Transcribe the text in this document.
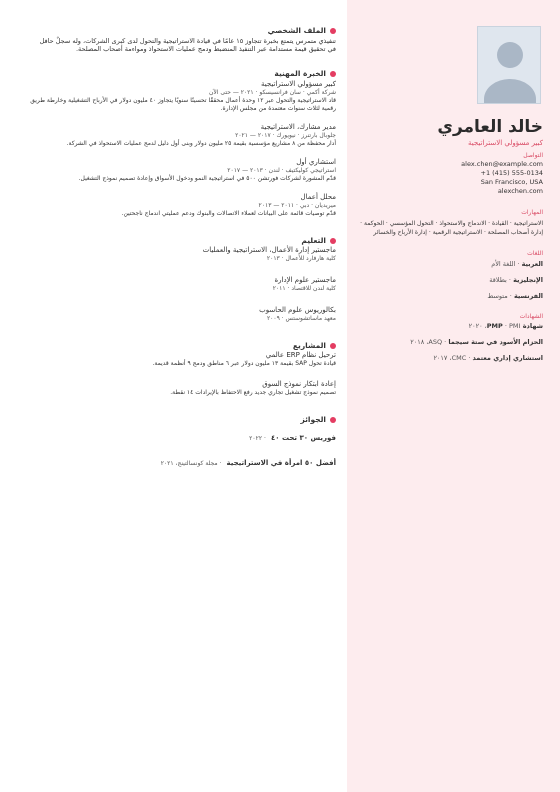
خالد العامري
كبير مسؤولي الاستراتيجية
التواصل
alex.chen@example.com
+1 (415) 555-0134
San Francisco, USA
alexchen.com
المهارات
الاستراتيجية · القيادة · الاندماج والاستحواذ · التحول المؤسسي · الحوكمة · إدارة أصحاب المصلحة · الاستراتيجية الرقمية · إدارة الأرباح والخسائر
اللغات
العربية · اللغة الأم
الإنجليزية · بطلاقة
الفرنسية · متوسط
الشهادات
شهادة PMP · PMI، ٢٠٢٠
الحزام الأسود في ستة سيجما · ASQ، ٢٠١٨
استشاري إداري معتمد · CMC، ٢٠١٧
الملف الشخصي
تنفيذي متمرس يتمتع بخبرة تتجاوز ١٥ عامًا في قيادة الاستراتيجية والتحول لدى كبرى الشركات، وله سجلٌ حافل في تحقيق قيمة مستدامة عبر التنفيذ المنضبط ودمج عمليات الاستحواذ ومواءمة أصحاب المصلحة.
الخبرة المهنية
كبير مسؤولي الاستراتيجية
شركة أكمي · سان فرانسيسكو · ٢٠٢١ — حتى الآن
قاد الاستراتيجية والتحول عبر ١٢ وحدة أعمال محققًا تحسينًا سنويًا يتجاوز ٤٠ مليون دولار في الأرباح التشغيلية وخارطة طريق رقمية لثلاث سنوات معتمدة من مجلس الإدارة.
مدير مشارك، الاستراتيجية
جلوبال بارتنرز · نيويورك · ٢٠١٧ — ٢٠٢١
أدار محفظة من ٨ مشاريع مؤسسية بقيمة ٢٥ مليون دولار وبنى أول دليل لدمج عمليات الاستحواذ في الشركة.
استشاري أول
استراتيجي كوليكتيف · لندن · ٢٠١٣ — ٢٠١٧
قدّم المشورة لشركات فورتشن ٥٠٠ في استراتيجية النمو ودخول الأسواق وإعادة تصميم نموذج التشغيل.
محلل أعمال
ميريديان · دبي · ٢٠١١ — ٢٠١٣
قدّم توصيات قائمة على البيانات لعملاء الاتصالات والبنوك ودعم عمليتي اندماج ناجحتين.
التعليم
ماجستير إدارة الأعمال، الاستراتيجية والعمليات
كلية هارفارد للأعمال · ٢٠١٣
ماجستير علوم الإدارة
كلية لندن للاقتصاد · ٢٠١١
بكالوريوس علوم الحاسوب
معهد ماساتشوستس · ٢٠٠٩
المشاريع
ترحيل نظام ERP عالمي
قيادة تحول SAP بقيمة ١٣ مليون دولار عبر ٦ مناطق ودمج ٩ أنظمة قديمة.
إعادة ابتكار نموذج السوق
تصميم نموذج تشغيل تجاري جديد رفع الاحتفاظ بالإيرادات ١٤ نقطة.
الجوائز
فوربس ٣٠ تحت ٤٠ · ٢٠٢٢
أفضل ٥٠ امرأة في الاستراتيجية · مجلة كونسالتينج، ٢٠٢١
